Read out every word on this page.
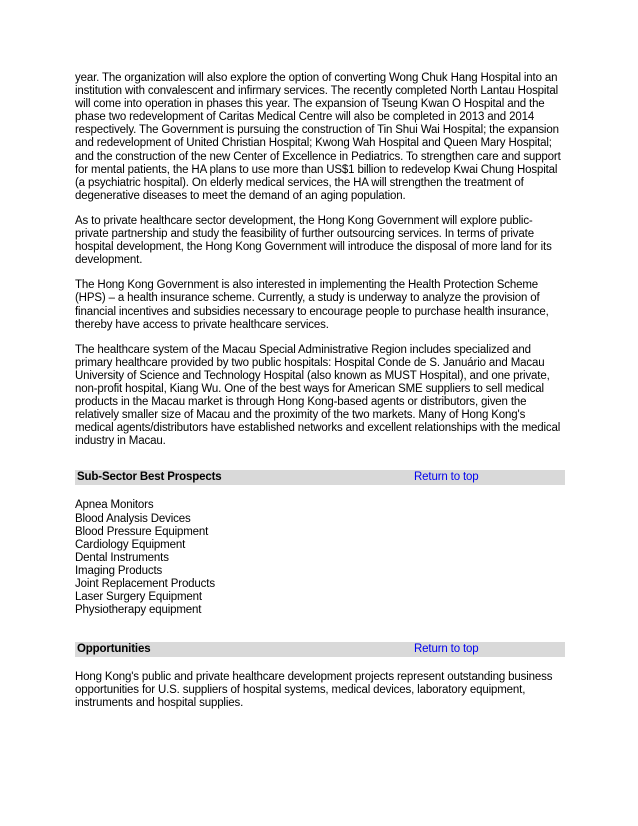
year. The organization will also explore the option of converting Wong Chuk Hang Hospital into an institution with convalescent and infirmary services. The recently completed North Lantau Hospital will come into operation in phases this year. The expansion of Tseung Kwan O Hospital and the phase two redevelopment of Caritas Medical Centre will also be completed in 2013 and 2014 respectively. The Government is pursuing the construction of Tin Shui Wai Hospital; the expansion and redevelopment of United Christian Hospital; Kwong Wah Hospital and Queen Mary Hospital; and the construction of the new Center of Excellence in Pediatrics. To strengthen care and support for mental patients, the HA plans to use more than US$1 billion to redevelop Kwai Chung Hospital (a psychiatric hospital). On elderly medical services, the HA will strengthen the treatment of degenerative diseases to meet the demand of an aging population.

As to private healthcare sector development, the Hong Kong Government will explore public-private partnership and study the feasibility of further outsourcing services. In terms of private hospital development, the Hong Kong Government will introduce the disposal of more land for its development.

The Hong Kong Government is also interested in implementing the Health Protection Scheme (HPS) – a health insurance scheme. Currently, a study is underway to analyze the provision of financial incentives and subsidies necessary to encourage people to purchase health insurance, thereby have access to private healthcare services.

The healthcare system of the Macau Special Administrative Region includes specialized and primary healthcare provided by two public hospitals: Hospital Conde de S. Januário and Macau University of Science and Technology Hospital (also known as MUST Hospital), and one private, non-profit hospital, Kiang Wu. One of the best ways for American SME suppliers to sell medical products in the Macau market is through Hong Kong-based agents or distributors, given the relatively smaller size of Macau and the proximity of the two markets. Many of Hong Kong's medical agents/distributors have established networks and excellent relationships with the medical industry in Macau.

Sub-Sector Best Prospects	Return to top
Apnea Monitors
Blood Analysis Devices
Blood Pressure Equipment
Cardiology Equipment
Dental Instruments
Imaging Products
Joint Replacement Products
Laser Surgery Equipment
Physiotherapy equipment
Opportunities	Return to top

Hong Kong's public and private healthcare development projects represent outstanding business opportunities for U.S. suppliers of hospital systems, medical devices, laboratory equipment, instruments and hospital supplies.
